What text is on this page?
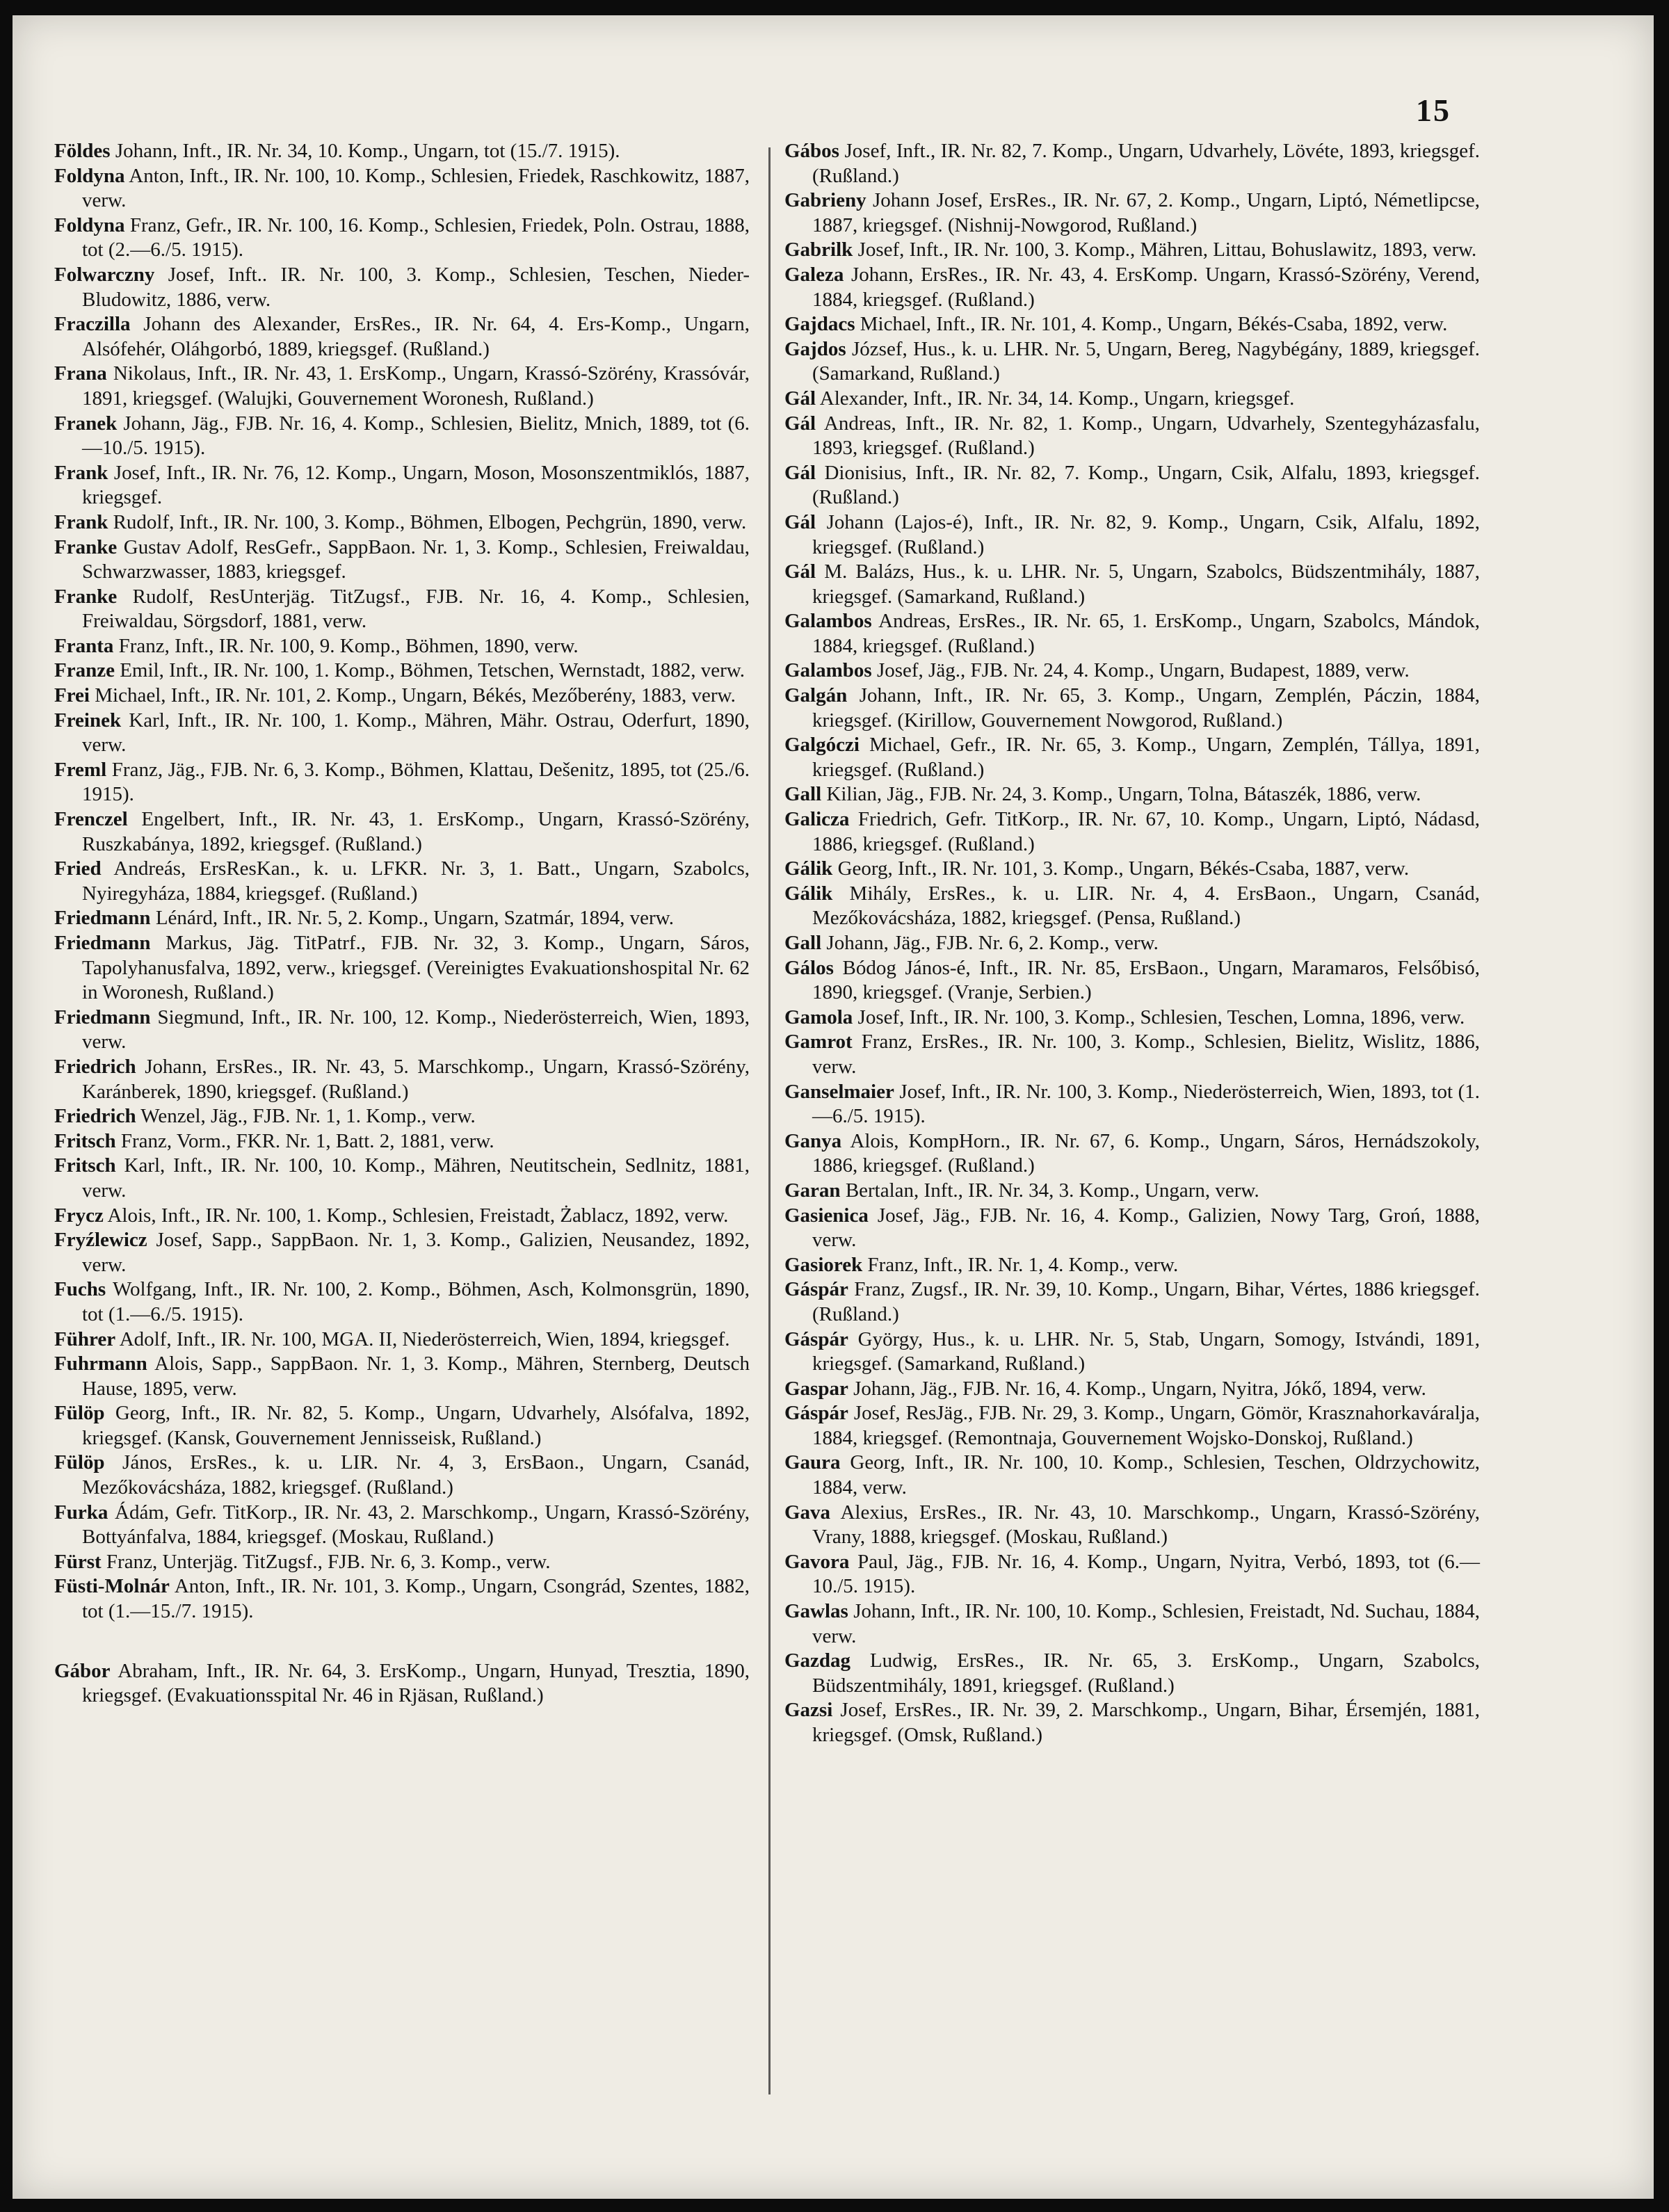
15

Földes Johann, Inft., IR. Nr. 34, 10. Komp., Ungarn, tot (15./7. 1915).

Foldyna Anton, Inft., IR. Nr. 100, 10. Komp., Schlesien, Friedek, Raschkowitz, 1887, verw.

Foldyna Franz, Gefr., IR. Nr. 100, 16. Komp., Schlesien, Friedek, Poln. Ostrau, 1888, tot (2.—6./5. 1915).

Folwarczny Josef, Inft.. IR. Nr. 100, 3. Komp., Schlesien, Teschen, Nieder-Bludowitz, 1886, verw.

Fraczilla Johann des Alexander, ErsRes., IR. Nr. 64, 4. Ers-Komp., Ungarn, Alsófehér, Oláhgorbó, 1889, kriegsgef. (Rußland.)

Frana Nikolaus, Inft., IR. Nr. 43, 1. ErsKomp., Ungarn, Krassó-Szörény, Krassóvár, 1891, kriegsgef. (Walujki, Gouvernement Woronesh, Rußland.)

Franek Johann, Jäg., FJB. Nr. 16, 4. Komp., Schlesien, Bielitz, Mnich, 1889, tot (6.—10./5. 1915).

Frank Josef, Inft., IR. Nr. 76, 12. Komp., Ungarn, Moson, Mosonszentmiklós, 1887, kriegsgef.

Frank Rudolf, Inft., IR. Nr. 100, 3. Komp., Böhmen, Elbogen, Pechgrün, 1890, verw.

Franke Gustav Adolf, ResGefr., SappBaon. Nr. 1, 3. Komp., Schlesien, Freiwaldau, Schwarzwasser, 1883, kriegsgef.

Franke Rudolf, ResUnterjäg. TitZugsf., FJB. Nr. 16, 4. Komp., Schlesien, Freiwaldau, Sörgsdorf, 1881, verw.

Franta Franz, Inft., IR. Nr. 100, 9. Komp., Böhmen, 1890, verw.

Franze Emil, Inft., IR. Nr. 100, 1. Komp., Böhmen, Tetschen, Wernstadt, 1882, verw.

Frei Michael, Inft., IR. Nr. 101, 2. Komp., Ungarn, Békés, Mezőberény, 1883, verw.

Freinek Karl, Inft., IR. Nr. 100, 1. Komp., Mähren, Mähr. Ostrau, Oderfurt, 1890, verw.

Freml Franz, Jäg., FJB. Nr. 6, 3. Komp., Böhmen, Klattau, Dešenitz, 1895, tot (25./6. 1915).

Frenczel Engelbert, Inft., IR. Nr. 43, 1. ErsKomp., Ungarn, Krassó-Szörény, Ruszkabánya, 1892, kriegsgef. (Rußland.)

Fried Andreás, ErsResKan., k. u. LFKR. Nr. 3, 1. Batt., Ungarn, Szabolcs, Nyiregyháza, 1884, kriegsgef. (Rußland.)

Friedmann Lénárd, Inft., IR. Nr. 5, 2. Komp., Ungarn, Szatmár, 1894, verw.

Friedmann Markus, Jäg. TitPatrf., FJB. Nr. 32, 3. Komp., Ungarn, Sáros, Tapolyhanusfalva, 1892, verw., kriegsgef. (Vereinigtes Evakuationshospital Nr. 62 in Woronesh, Rußland.)

Friedmann Siegmund, Inft., IR. Nr. 100, 12. Komp., Niederösterreich, Wien, 1893, verw.

Friedrich Johann, ErsRes., IR. Nr. 43, 5. Marschkomp., Ungarn, Krassó-Szörény, Karánberek, 1890, kriegsgef. (Rußland.)

Friedrich Wenzel, Jäg., FJB. Nr. 1, 1. Komp., verw.

Fritsch Franz, Vorm., FKR. Nr. 1, Batt. 2, 1881, verw.

Fritsch Karl, Inft., IR. Nr. 100, 10. Komp., Mähren, Neutitschein, Sedlnitz, 1881, verw.

Frycz Alois, Inft., IR. Nr. 100, 1. Komp., Schlesien, Freistadt, Żablacz, 1892, verw.

Fryźlewicz Josef, Sapp., SappBaon. Nr. 1, 3. Komp., Galizien, Neusandez, 1892, verw.

Fuchs Wolfgang, Inft., IR. Nr. 100, 2. Komp., Böhmen, Asch, Kolmonsgrün, 1890, tot (1.—6./5. 1915).

Führer Adolf, Inft., IR. Nr. 100, MGA. II, Niederösterreich, Wien, 1894, kriegsgef.

Fuhrmann Alois, Sapp., SappBaon. Nr. 1, 3. Komp., Mähren, Sternberg, Deutsch Hause, 1895, verw.

Fülöp Georg, Inft., IR. Nr. 82, 5. Komp., Ungarn, Udvarhely, Alsófalva, 1892, kriegsgef. (Kansk, Gouvernement Jennisseisk, Rußland.)

Fülöp János, ErsRes., k. u. LIR. Nr. 4, 3, ErsBaon., Ungarn, Csanád, Mezőkovácsháza, 1882, kriegsgef. (Rußland.)

Furka Ádám, Gefr. TitKorp., IR. Nr. 43, 2. Marschkomp., Ungarn, Krassó-Szörény, Bottyánfalva, 1884, kriegsgef. (Moskau, Rußland.)

Fürst Franz, Unterjäg. TitZugsf., FJB. Nr. 6, 3. Komp., verw.

Füsti-Molnár Anton, Inft., IR. Nr. 101, 3. Komp., Ungarn, Csongrád, Szentes, 1882, tot (1.—15./7. 1915).

Gábor Abraham, Inft., IR. Nr. 64, 3. ErsKomp., Ungarn, Hunyad, Tresztia, 1890, kriegsgef. (Evakuationsspital Nr. 46 in Rjäsan, Rußland.)

Gábos Josef, Inft., IR. Nr. 82, 7. Komp., Ungarn, Udvarhely, Lövéte, 1893, kriegsgef. (Rußland.)

Gabrieny Johann Josef, ErsRes., IR. Nr. 67, 2. Komp., Ungarn, Liptó, Németlipcse, 1887, kriegsgef. (Nishnij-Nowgorod, Rußland.)

Gabrilk Josef, Inft., IR. Nr. 100, 3. Komp., Mähren, Littau, Bohuslawitz, 1893, verw.

Galeza Johann, ErsRes., IR. Nr. 43, 4. ErsKomp. Ungarn, Krassó-Szörény, Verend, 1884, kriegsgef. (Rußland.)

Gajdacs Michael, Inft., IR. Nr. 101, 4. Komp., Ungarn, Békés-Csaba, 1892, verw.

Gajdos József, Hus., k. u. LHR. Nr. 5, Ungarn, Bereg, Nagybégány, 1889, kriegsgef. (Samarkand, Rußland.)

Gál Alexander, Inft., IR. Nr. 34, 14. Komp., Ungarn, kriegsgef.

Gál Andreas, Inft., IR. Nr. 82, 1. Komp., Ungarn, Udvarhely, Szentegyházasfalu, 1893, kriegsgef. (Rußland.)

Gál Dionisius, Inft., IR. Nr. 82, 7. Komp., Ungarn, Csik, Alfalu, 1893, kriegsgef. (Rußland.)

Gál Johann (Lajos-é), Inft., IR. Nr. 82, 9. Komp., Ungarn, Csik, Alfalu, 1892, kriegsgef. (Rußland.)

Gál M. Balázs, Hus., k. u. LHR. Nr. 5, Ungarn, Szabolcs, Büdszentmihály, 1887, kriegsgef. (Samarkand, Rußland.)

Galambos Andreas, ErsRes., IR. Nr. 65, 1. ErsKomp., Ungarn, Szabolcs, Mándok, 1884, kriegsgef. (Rußland.)

Galambos Josef, Jäg., FJB. Nr. 24, 4. Komp., Ungarn, Budapest, 1889, verw.

Galgán Johann, Inft., IR. Nr. 65, 3. Komp., Ungarn, Zemplén, Páczin, 1884, kriegsgef. (Kirillow, Gouvernement Nowgorod, Rußland.)

Galgóczi Michael, Gefr., IR. Nr. 65, 3. Komp., Ungarn, Zemplén, Tállya, 1891, kriegsgef. (Rußland.)

Gall Kilian, Jäg., FJB. Nr. 24, 3. Komp., Ungarn, Tolna, Bátaszék, 1886, verw.

Galicza Friedrich, Gefr. TitKorp., IR. Nr. 67, 10. Komp., Ungarn, Liptó, Nádasd, 1886, kriegsgef. (Rußland.)

Gálik Georg, Inft., IR. Nr. 101, 3. Komp., Ungarn, Békés-Csaba, 1887, verw.

Gálik Mihály, ErsRes., k. u. LIR. Nr. 4, 4. ErsBaon., Ungarn, Csanád, Mezőkovácsháza, 1882, kriegsgef. (Pensa, Rußland.)

Gall Johann, Jäg., FJB. Nr. 6, 2. Komp., verw.

Gálos Bódog János-é, Inft., IR. Nr. 85, ErsBaon., Ungarn, Maramaros, Felsőbisó, 1890, kriegsgef. (Vranje, Serbien.)

Gamola Josef, Inft., IR. Nr. 100, 3. Komp., Schlesien, Teschen, Lomna, 1896, verw.

Gamrot Franz, ErsRes., IR. Nr. 100, 3. Komp., Schlesien, Bielitz, Wislitz, 1886, verw.

Ganselmaier Josef, Inft., IR. Nr. 100, 3. Komp., Niederösterreich, Wien, 1893, tot (1.—6./5. 1915).

Ganya Alois, KompHorn., IR. Nr. 67, 6. Komp., Ungarn, Sáros, Hernádszokoly, 1886, kriegsgef. (Rußland.)

Garan Bertalan, Inft., IR. Nr. 34, 3. Komp., Ungarn, verw.

Gasienica Josef, Jäg., FJB. Nr. 16, 4. Komp., Galizien, Nowy Targ, Groń, 1888, verw.

Gasiorek Franz, Inft., IR. Nr. 1, 4. Komp., verw.

Gáspár Franz, Zugsf., IR. Nr. 39, 10. Komp., Ungarn, Bihar, Vértes, 1886 kriegsgef. (Rußland.)

Gáspár György, Hus., k. u. LHR. Nr. 5, Stab, Ungarn, Somogy, Istvándi, 1891, kriegsgef. (Samarkand, Rußland.)

Gaspar Johann, Jäg., FJB. Nr. 16, 4. Komp., Ungarn, Nyitra, Jókő, 1894, verw.

Gáspár Josef, ResJäg., FJB. Nr. 29, 3. Komp., Ungarn, Gömör, Krasznahorkaváralja, 1884, kriegsgef. (Remontnaja, Gouvernement Wojsko-Donskoj, Rußland.)

Gaura Georg, Inft., IR. Nr. 100, 10. Komp., Schlesien, Teschen, Oldrzychowitz, 1884, verw.

Gava Alexius, ErsRes., IR. Nr. 43, 10. Marschkomp., Ungarn, Krassó-Szörény, Vrany, 1888, kriegsgef. (Moskau, Rußland.)

Gavora Paul, Jäg., FJB. Nr. 16, 4. Komp., Ungarn, Nyitra, Verbó, 1893, tot (6.—10./5. 1915).

Gawlas Johann, Inft., IR. Nr. 100, 10. Komp., Schlesien, Freistadt, Nd. Suchau, 1884, verw.

Gazdag Ludwig, ErsRes., IR. Nr. 65, 3. ErsKomp., Ungarn, Szabolcs, Büdszentmihály, 1891, kriegsgef. (Rußland.)

Gazsi Josef, ErsRes., IR. Nr. 39, 2. Marschkomp., Ungarn, Bihar, Érsemjén, 1881, kriegsgef. (Omsk, Rußland.)
